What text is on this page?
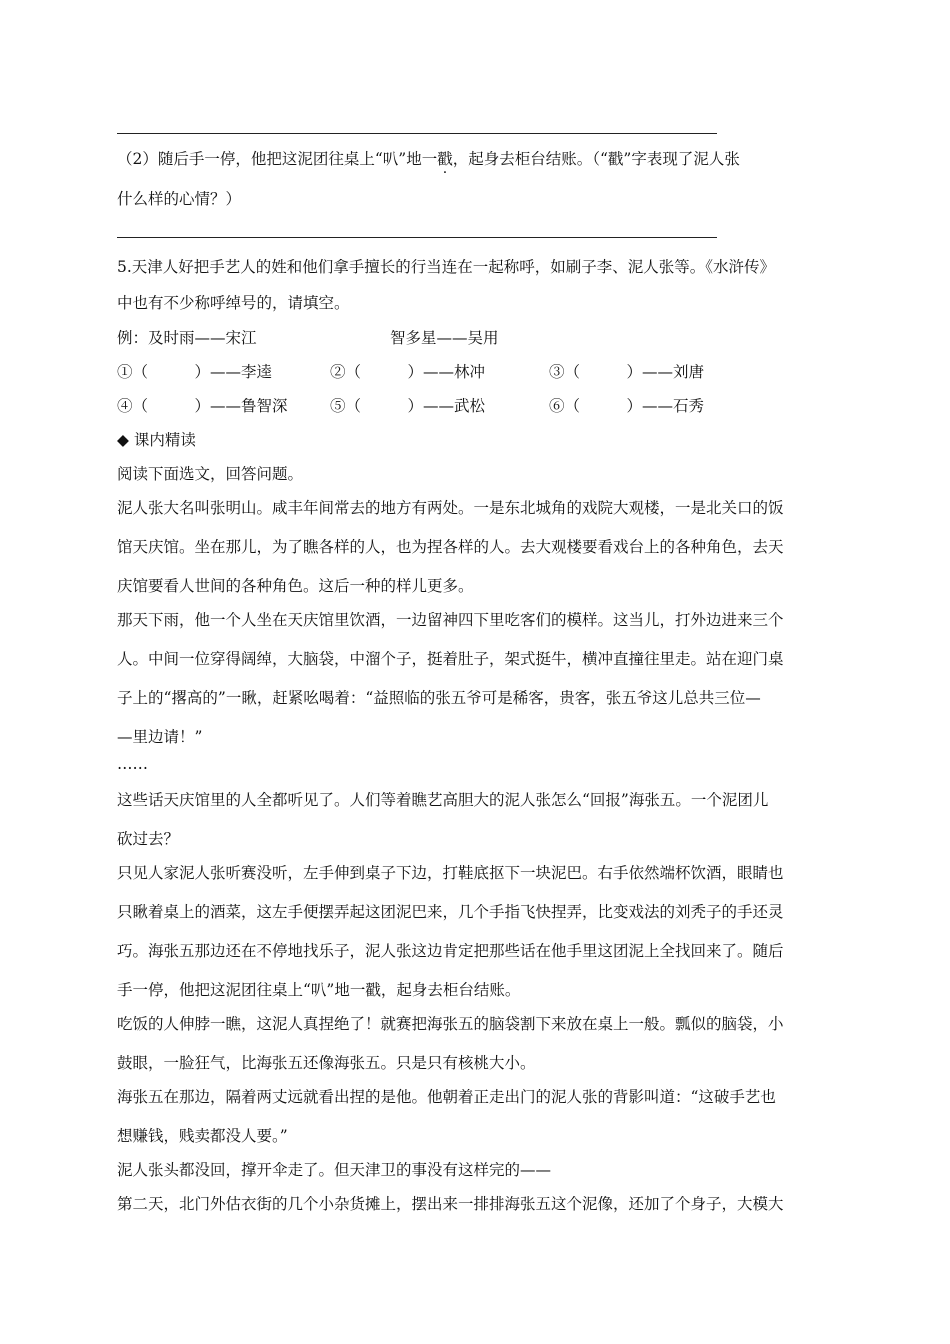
（2）随后手一停，他把这泥团往桌上“叭”地一戳，起身去柜台结账。（“戳”字表现了泥人张
什么样的心情？）
5.天津人好把手艺人的姓和他们拿手擅长的行当连在一起称呼，如刷子李、泥人张等。《水浒传》
中也有不少称呼绰号的，请填空。
例：及时雨——宋江	智多星——吴用
①（　　　）——李逵	②（　　　）——林冲	③（　　　）——刘唐
④（　　　）——鲁智深	⑤（　　　）——武松	⑥（　　　）——石秀
◆ 课内精读
阅读下面选文，回答问题。
泥人张大名叫张明山。咸丰年间常去的地方有两处。一是东北城角的戏院大观楼，一是北关口的饭
馆天庆馆。坐在那儿，为了瞧各样的人，也为捏各样的人。去大观楼要看戏台上的各种角色，去天
庆馆要看人世间的各种角色。这后一种的样儿更多。
那天下雨，他一个人坐在天庆馆里饮酒，一边留神四下里吃客们的模样。这当儿，打外边进来三个
人。中间一位穿得阔绰，大脑袋，中溜个子，挺着肚子，架式挺牛，横冲直撞往里走。站在迎门桌
子上的“撂高的”一瞅，赶紧吆喝着：“益照临的张五爷可是稀客，贵客，张五爷这儿总共三位—
—里边请！”
……
这些话天庆馆里的人全都听见了。人们等着瞧艺高胆大的泥人张怎么“回报”海张五。一个泥团儿
砍过去？
只见人家泥人张听赛没听，左手伸到桌子下边，打鞋底抠下一块泥巴。右手依然端杯饮酒，眼睛也
只瞅着桌上的酒菜，这左手便摆弄起这团泥巴来，几个手指飞快捏弄，比变戏法的刘秃子的手还灵
巧。海张五那边还在不停地找乐子，泥人张这边肯定把那些话在他手里这团泥上全找回来了。随后
手一停，他把这泥团往桌上“叭”地一戳，起身去柜台结账。
吃饭的人伸脖一瞧，这泥人真捏绝了！就赛把海张五的脑袋割下来放在桌上一般。瓢似的脑袋，小
鼓眼，一脸狂气，比海张五还像海张五。只是只有核桃大小。
海张五在那边，隔着两丈远就看出捏的是他。他朝着正走出门的泥人张的背影叫道：“这破手艺也
想赚钱，贱卖都没人要。”
泥人张头都没回，撑开伞走了。但天津卫的事没有这样完的——
第二天，北门外估衣街的几个小杂货摊上，摆出来一排排海张五这个泥像，还加了个身子，大模大
